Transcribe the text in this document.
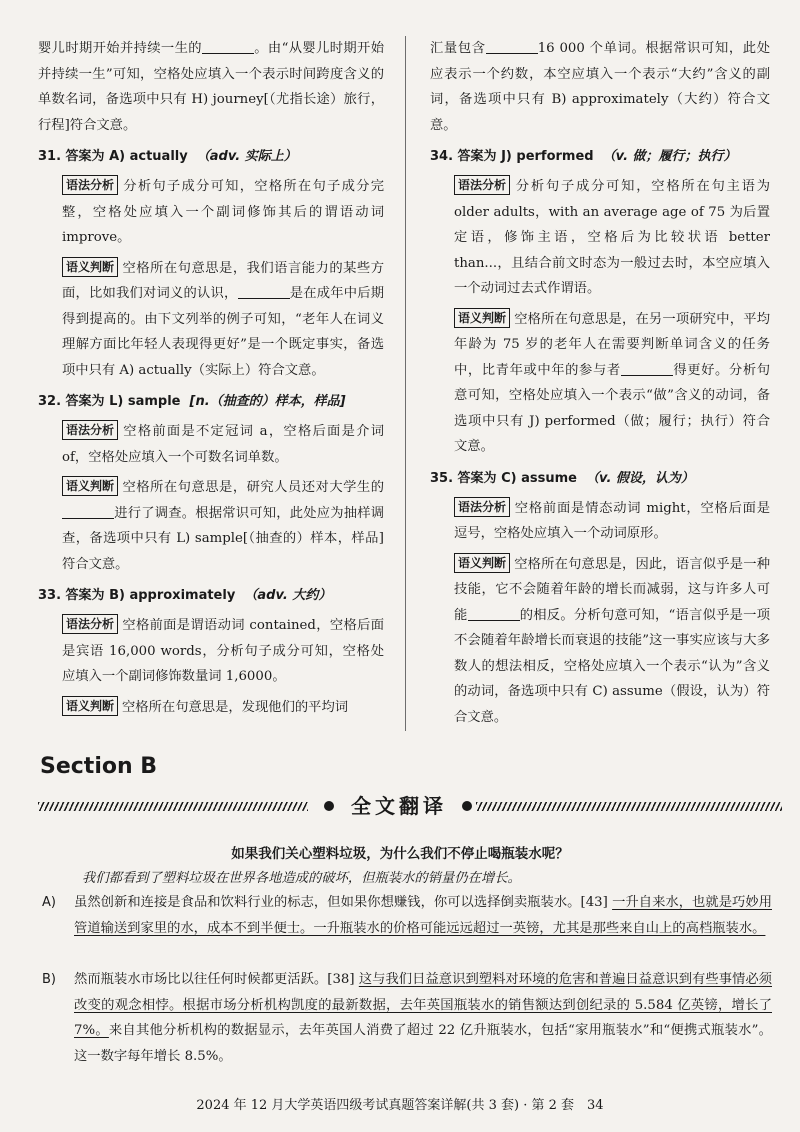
婴儿时期开始并持续一生的	。由“从婴儿时期开始并持续一生”可知，空格处应填入一个表示时间跨度含义的单数名词，备选项中只有 H) journey[（尤指长途）旅行，行程]符合文意。

31. 答案为 A) actually （adv. 实际上）

语法分析 分析句子成分可知，空格所在句子成分完整，空格处应填入一个副词修饰其后的谓语动词 improve。

语义判断 空格所在句意思是，我们语言能力的某些方面，比如我们对词义的认识，	是在成年中后期得到提高的。由下文列举的例子可知，“老年人在词义理解方面比年轻人表现得更好”是一个既定事实，备选项中只有 A) actually（实际上）符合文意。

32. 答案为 L) sample [n.（抽查的）样本，样品]

语法分析 空格前面是不定冠词 a，空格后面是介词 of，空格处应填入一个可数名词单数。

语义判断 空格所在句意思是，研究人员还对大学生的进行了调查。根据常识可知，此处应为抽样调查，备选项中只有 L) sample[（抽查的）样本，样品]符合文意。

33. 答案为 B) approximately （adv. 大约）

语法分析 空格前面是谓语动词 contained，空格后面是宾语 16,000 words，分析句子成分可知，空格处应填入一个副词修饰数量词 1,6000。

语义判断 空格所在句意思是，发现他们的平均词

汇量包含	16 000 个单词。根据常识可知，此处应表示一个约数，本空应填入一个表示“大约”含义的副词，备选项中只有 B) approximately（大约）符合文意。

34. 答案为 J) performed （v. 做；履行；执行）

语法分析 分析句子成分可知，空格所在句主语为 older adults，with an average age of 75 为后置定语，修饰主语，空格后为比较状语 better than...，且结合前文时态为一般过去时，本空应填入一个动词过去式作谓语。

语义判断 空格所在句意思是，在另一项研究中，平均年龄为 75 岁的老年人在需要判断单词含义的任务中，比青年或中年的参与者	得更好。分析句意可知，空格处应填入一个表示“做”含义的动词，备选项中只有 J) performed（做；履行；执行）符合文意。

35. 答案为 C) assume （v. 假设，认为）

语法分析 空格前面是情态动词 might，空格后面是逗号，空格处应填入一个动词原形。

语义判断 空格所在句意思是，因此，语言似乎是一种技能，它不会随着年龄的增长而减弱，这与许多人可能	的相反。分析句意可知，“语言似乎是一项不会随着年龄增长而衰退的技能”这一事实应该与大多数人的想法相反，空格处应填入一个表示“认为”含义的动词，备选项中只有 C) assume（假设，认为）符合文意。

Section B

全文翻译

如果我们关心塑料垃圾，为什么我们不停止喝瓶装水呢？

我们都看到了塑料垃圾在世界各地造成的破坏，但瓶装水的销量仍在增长。

A) 虽然创新和连接是食品和饮料行业的标志，但如果你想赚钱，你可以选择倒卖瓶装水。[43] 一升自来水，也就是巧妙用管道输送到家里的水，成本不到半便士。一升瓶装水的价格可能远远超过一英镑，尤其是那些来自山上的高档瓶装水。

B) 然而瓶装水市场比以往任何时候都更活跃。[38] 这与我们日益意识到塑料对环境的危害和普遍日益意识到有些事情必须改变的观念相悖。根据市场分析机构凯度的最新数据，去年英国瓶装水的销售额达到创纪录的 5.584 亿英镑，增长了 7%。来自其他分析机构的数据显示，去年英国人消费了超过 22 亿升瓶装水，包括“家用瓶装水”和“便携式瓶装水”。这一数字每年增长 8.5%。

2024 年 12 月大学英语四级考试真题答案详解(共 3 套) · 第 2 套　34
